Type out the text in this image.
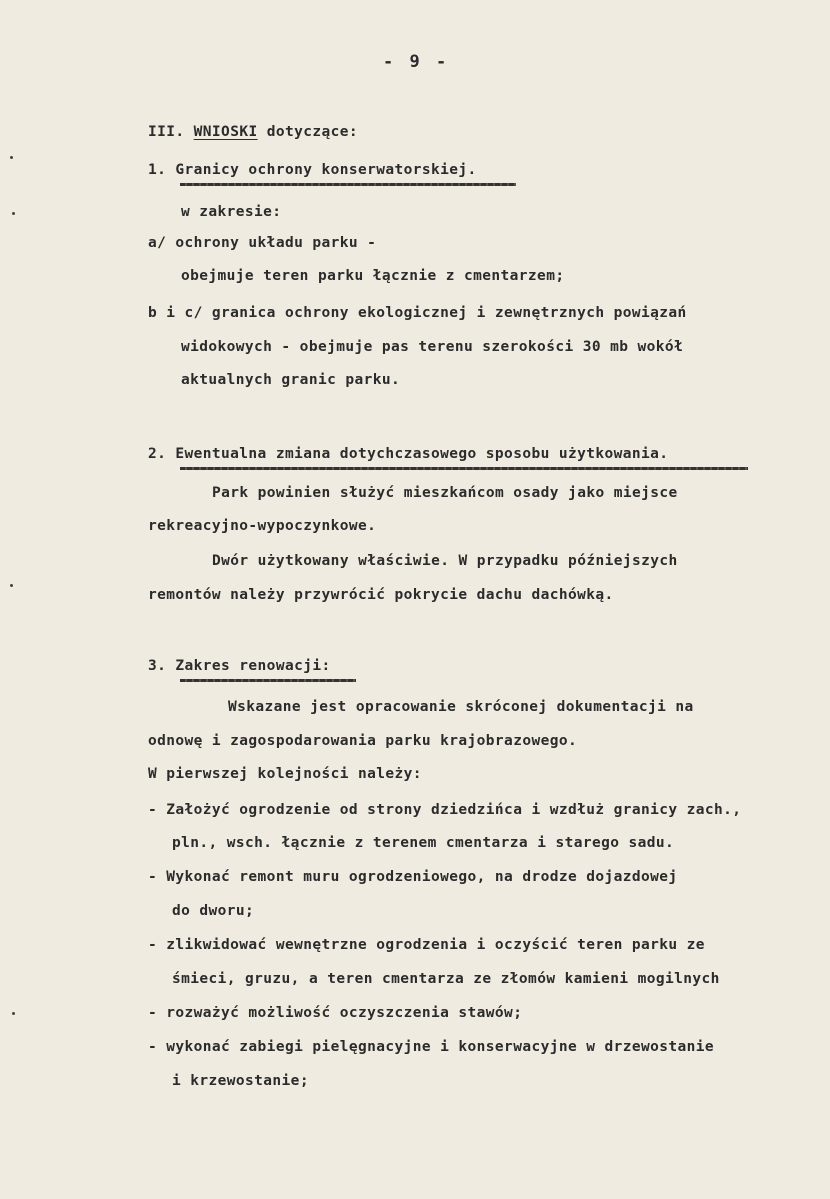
- 9 -
III. WNIOSKI dotyczące:
1. Granicy ochrony konserwatorskiej.
w zakresie:
a/ ochrony układu parku -
obejmuje teren parku łącznie z cmentarzem;
b i c/ granica ochrony ekologicznej i zewnętrznych powiązań
widokowych - obejmuje pas terenu szerokości 30 mb wokół
aktualnych granic parku.
2. Ewentualna zmiana dotychczasowego sposobu użytkowania.
Park powinien służyć mieszkańcom osady jako miejsce
rekreacyjno-wypoczynkowe.
Dwór użytkowany właściwie. W przypadku późniejszych
remontów należy przywrócić pokrycie dachu dachówką.
3. Zakres renowacji:
Wskazane jest opracowanie skróconej dokumentacji na
odnowę i zagospodarowania parku krajobrazowego.
W pierwszej kolejności należy:
- Założyć ogrodzenie od strony dziedzińca i wzdłuż granicy zach.,
pln., wsch. łącznie z terenem cmentarza i starego sadu.
- Wykonać remont muru ogrodzeniowego, na drodze dojazdowej
do dworu;
- zlikwidować wewnętrzne ogrodzenia i oczyścić teren parku ze
śmieci, gruzu, a teren cmentarza ze złomów kamieni mogilnych
- rozważyć możliwość oczyszczenia stawów;
- wykonać zabiegi pielęgnacyjne i konserwacyjne w drzewostanie
i krzewostanie;
